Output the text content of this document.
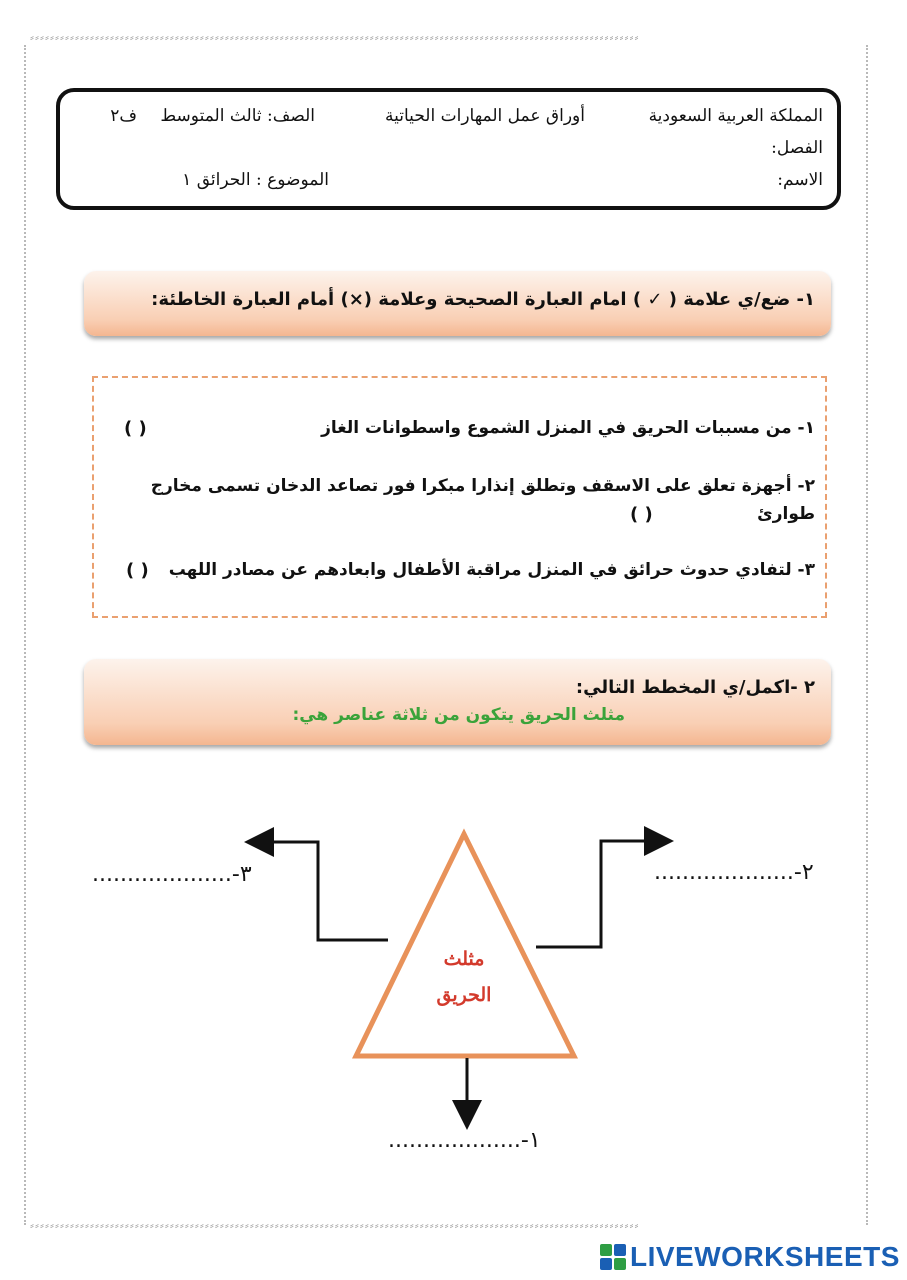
⸗⸗⸗⸗⸗⸗⸗⸗⸗⸗⸗⸗⸗⸗⸗⸗⸗⸗⸗⸗⸗⸗⸗⸗⸗⸗⸗⸗⸗⸗⸗⸗⸗⸗⸗⸗⸗⸗⸗⸗⸗⸗⸗⸗⸗⸗⸗⸗⸗⸗⸗⸗⸗⸗⸗⸗⸗⸗⸗⸗⸗⸗⸗⸗⸗⸗⸗⸗⸗⸗⸗⸗⸗⸗⸗⸗⸗⸗⸗⸗⸗⸗⸗⸗⸗⸗⸗⸗⸗⸗⸗⸗⸗⸗⸗⸗⸗⸗⸗⸗⸗⸗⸗⸗⸗⸗⸗⸗⸗⸗⸗⸗⸗⸗⸗⸗⸗⸗⸗⸗⸗⸗
⸗⸗⸗⸗⸗⸗⸗⸗⸗⸗⸗⸗⸗⸗⸗⸗⸗⸗⸗⸗⸗⸗⸗⸗⸗⸗⸗⸗⸗⸗⸗⸗⸗⸗⸗⸗⸗⸗⸗⸗⸗⸗⸗⸗⸗⸗⸗⸗⸗⸗⸗⸗⸗⸗⸗⸗⸗⸗⸗⸗⸗⸗⸗⸗⸗⸗⸗⸗⸗⸗⸗⸗⸗⸗⸗⸗⸗⸗⸗⸗⸗⸗⸗⸗⸗⸗⸗⸗⸗⸗⸗⸗⸗⸗⸗⸗⸗⸗⸗⸗⸗⸗⸗⸗⸗⸗⸗⸗⸗⸗⸗⸗⸗⸗⸗⸗⸗⸗⸗⸗⸗⸗
المملكة العربية السعودية
أوراق عمل المهارات الحياتية
الصف: ثالث المتوسط
ف٢
الفصل:
الاسم:
الموضوع : الحرائق ١
١- ضع/ي علامة ( ✓ ) امام العبارة الصحيحة وعلامة (×) أمام العبارة الخاطئة:
١- من مسببات الحريق في المنزل الشموع واسطوانات الغاز
( )
٢- أجهزة تعلق على الاسقف وتطلق إنذارا مبكرا فور تصاعد الدخان تسمى مخارج
طوارئ
( )
٣- لتفادي حدوث حرائق في المنزل مراقبة الأطفال وابعادهم عن مصادر اللهب
( )
٢ -اكمل/ي المخطط التالي:
مثلث الحريق يتكون من ثلاثة عناصر هي:
مثلث
الحريق
....................-٣	....................-٢
...................-١
LIVEWORKSHEETS
